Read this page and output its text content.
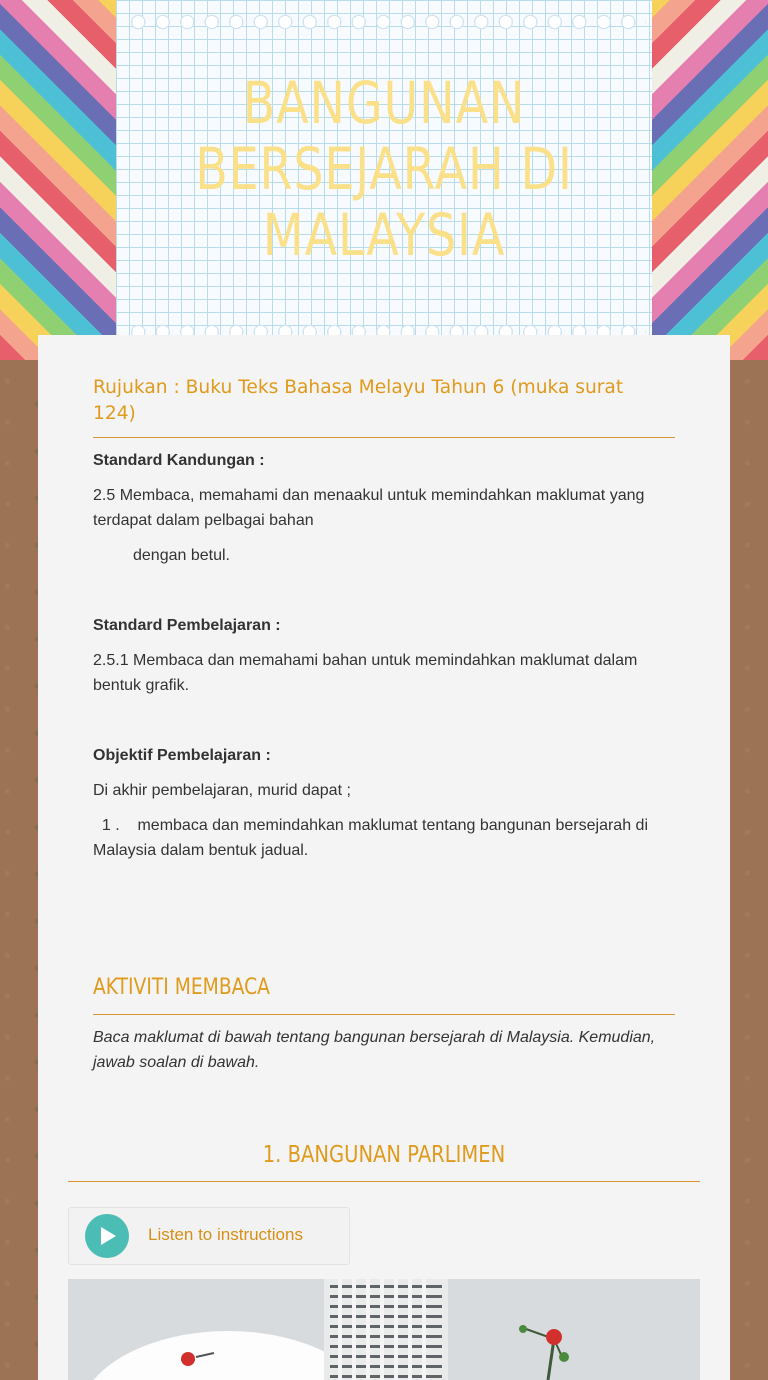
BANGUNAN BERSEJARAH DI MALAYSIA
Rujukan : Buku Teks Bahasa Melayu Tahun 6 (muka surat 124)
Standard Kandungan :
2.5 Membaca, memahami dan menaakul untuk memindahkan maklumat yang terdapat dalam pelbagai bahan
dengan betul.
Standard Pembelajaran :
2.5.1 Membaca dan memahami bahan untuk memindahkan maklumat dalam bentuk grafik.
Objektif Pembelajaran :
Di akhir pembelajaran, murid dapat ;
1 .    membaca dan memindahkan maklumat tentang bangunan bersejarah di Malaysia dalam bentuk jadual.
AKTIVITI MEMBACA
Baca maklumat di bawah tentang bangunan bersejarah di Malaysia. Kemudian, jawab soalan di bawah.
1. BANGUNAN PARLIMEN
Listen to instructions
